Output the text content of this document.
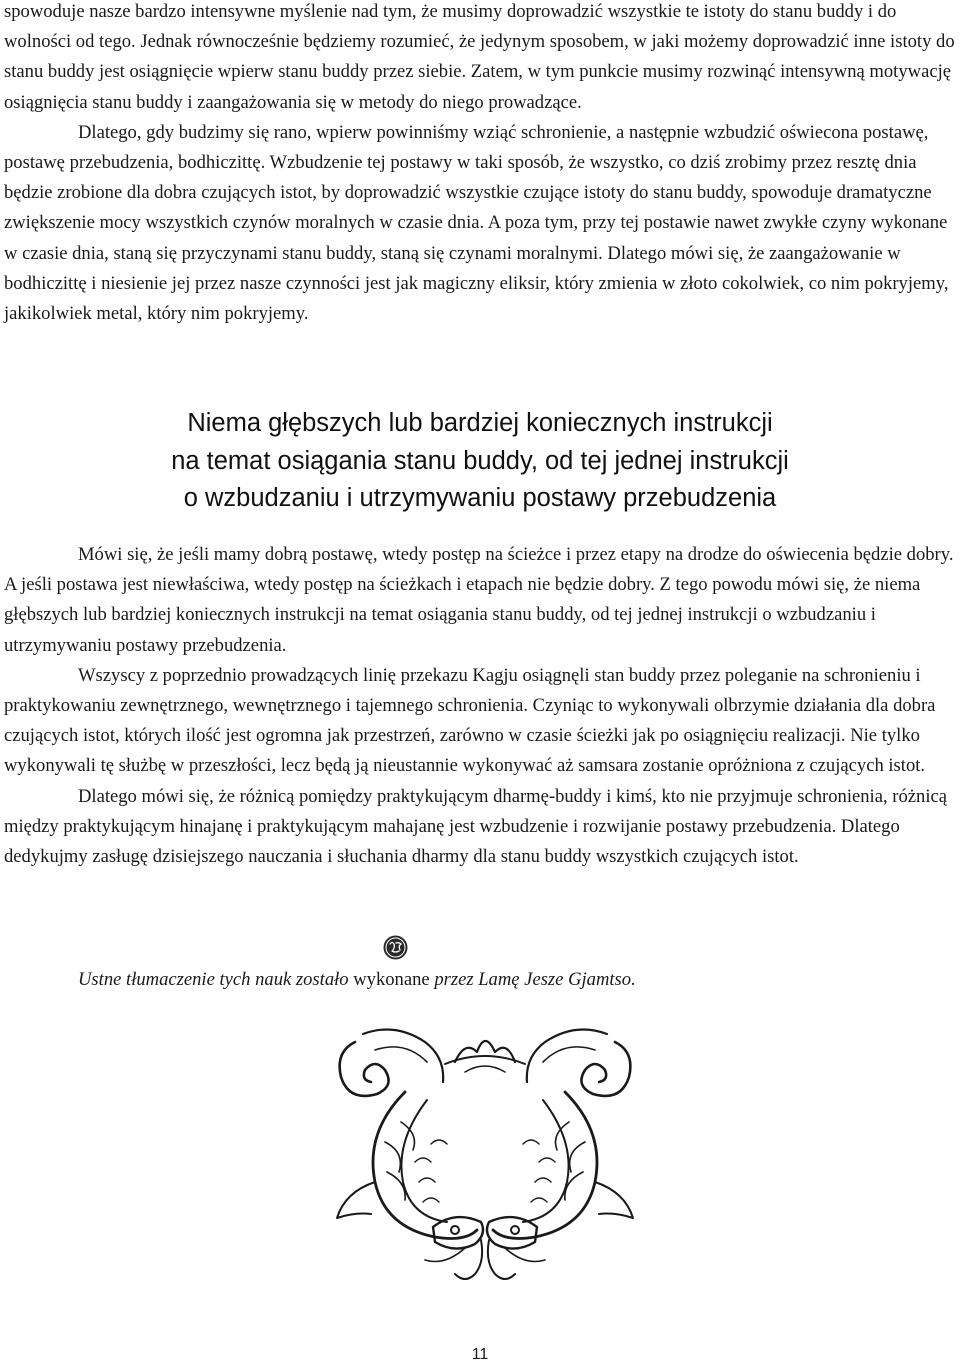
spowoduje nasze bardzo intensywne myślenie nad tym, że musimy doprowadzić wszystkie te istoty do stanu buddy i do wolności od tego. Jednak równocześnie będziemy rozumieć, że jedynym sposobem, w jaki możemy doprowadzić inne istoty do stanu buddy jest osiągnięcie wpierw stanu buddy przez siebie. Zatem, w tym punkcie musimy rozwinąć intensywną motywację osiągnięcia stanu buddy i zaangażowania się w metody do niego prowadzące.

Dlatego, gdy budzimy się rano, wpierw powinniśmy wziąć schronienie, a następnie wzbudzić oświecona postawę, postawę przebudzenia, bodhiczittę. Wzbudzenie tej postawy w taki sposób, że wszystko, co dziś zrobimy przez resztę dnia będzie zrobione dla dobra czujących istot, by doprowadzić wszystkie czujące istoty do stanu buddy, spowoduje dramatyczne zwiększenie mocy wszystkich czynów moralnych w czasie dnia. A poza tym, przy tej postawie nawet zwykłe czyny wykonane w czasie dnia, staną się przyczynami stanu buddy, staną się czynami moralnymi. Dlatego mówi się, że zaangażowanie w bodhiczittę i niesienie jej przez nasze czynności jest jak magiczny eliksir, który zmienia w złoto cokolwiek, co nim pokryjemy, jakikolwiek metal, który nim pokryjemy.

Niema głębszych lub bardziej koniecznych instrukcji
na temat osiągania stanu buddy, od tej jednej instrukcji
o wzbudzaniu i utrzymywaniu postawy przebudzenia

Mówi się, że jeśli mamy dobrą postawę, wtedy postęp na ścieżce i przez etapy na drodze do oświecenia będzie dobry. A jeśli postawa jest niewłaściwa, wtedy postęp na ścieżkach i etapach nie będzie dobry. Z tego powodu mówi się, że niema głębszych lub bardziej koniecznych instrukcji na temat osiągania stanu buddy, od tej jednej instrukcji o wzbudzaniu i utrzymywaniu postawy przebudzenia.

Wszyscy z poprzednio prowadzących linię przekazu Kagju osiągnęli stan buddy przez poleganie na schronieniu i praktykowaniu zewnętrznego, wewnętrznego i tajemnego schronienia. Czyniąc to wykonywali olbrzymie działania dla dobra czujących istot, których ilość jest ogromna jak przestrzeń, zarówno w czasie ścieżki jak po osiągnięciu realizacji. Nie tylko wykonywali tę służbę w przeszłości, lecz będą ją nieustannie wykonywać aż samsara zostanie opróżniona z czujących istot.

Dlatego mówi się, że różnicą pomiędzy praktykującym dharmę-buddy i kimś, kto nie przyjmuje schronienia, różnicą między praktykującym hinajanę i praktykującym mahajanę jest wzbudzenie i rozwijanie postawy przebudzenia. Dlatego dedykujmy zasługę dzisiejszego nauczania i słuchania dharmy dla stanu buddy wszystkich czujących istot.

Ustne tłumaczenie tych nauk zostało wykonane przez Lamę Jesze Gjamtso.
11
